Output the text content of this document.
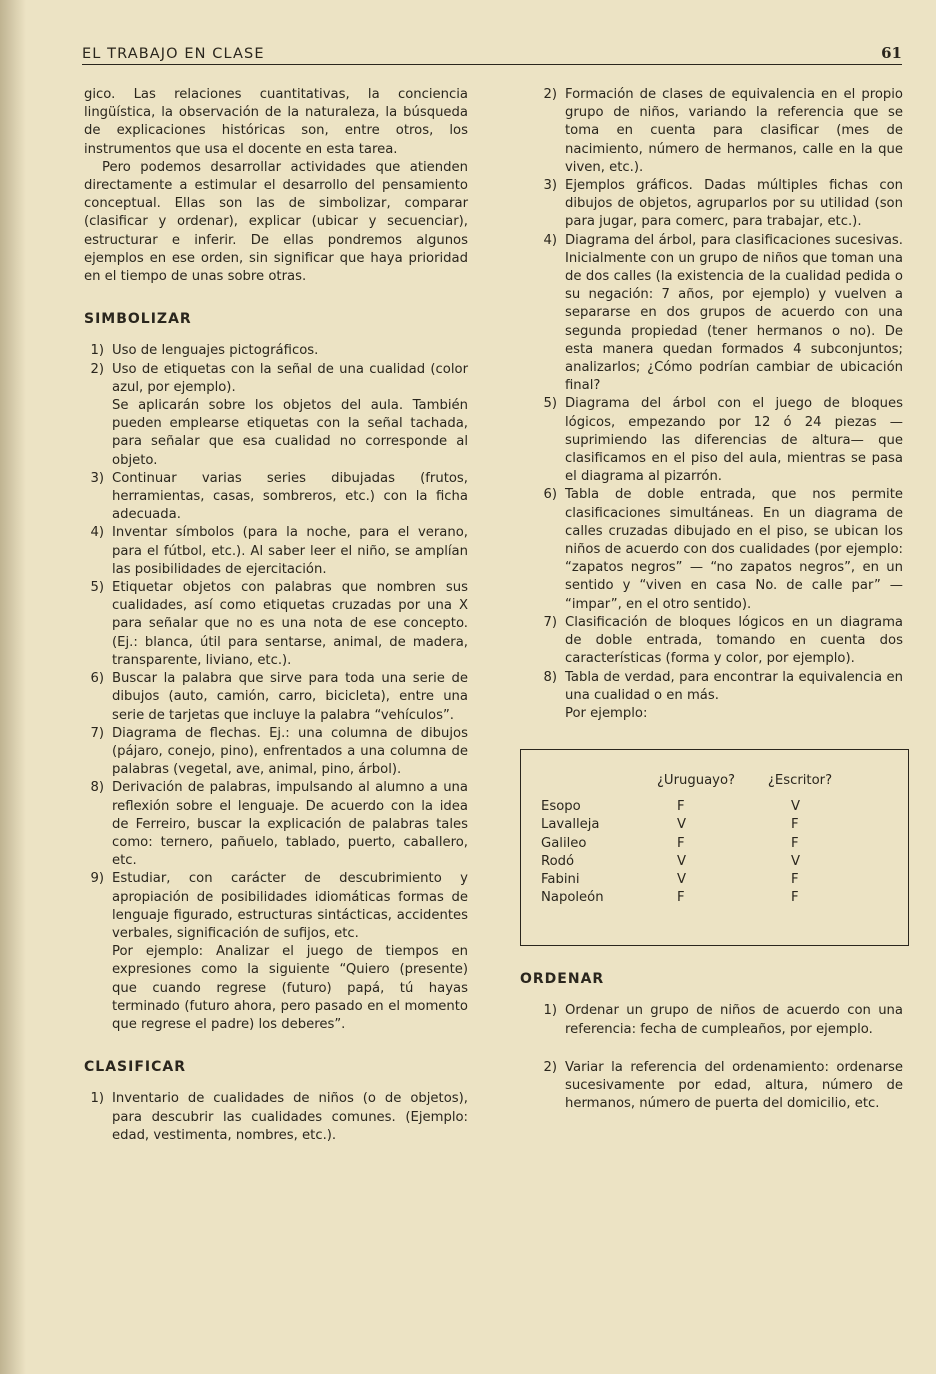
EL TRABAJO EN CLASE	61

gico. Las relaciones cuantitativas, la conciencia lingüística, la observación de la naturaleza, la búsqueda de explicaciones históricas son, entre otros, los instrumentos que usa el docente en esta tarea.

Pero podemos desarrollar actividades que atienden directamente a estimular el desarrollo del pensamiento conceptual. Ellas son las de simbolizar, comparar (clasificar y ordenar), explicar (ubicar y secuenciar), estructurar e inferir. De ellas pondremos algunos ejemplos en ese orden, sin significar que haya prioridad en el tiempo de unas sobre otras.

SIMBOLIZAR
1) Uso de lenguajes pictográficos.
2) Uso de etiquetas con la señal de una cualidad (color azul, por ejemplo).
Se aplicarán sobre los objetos del aula. También pueden emplearse etiquetas con la señal tachada, para señalar que esa cualidad no corresponde al objeto.
3) Continuar varias series dibujadas (frutos, herramientas, casas, sombreros, etc.) con la ficha adecuada.
4) Inventar símbolos (para la noche, para el verano, para el fútbol, etc.). Al saber leer el niño, se amplían las posibilidades de ejercitación.
5) Etiquetar objetos con palabras que nombren sus cualidades, así como etiquetas cruzadas por una X para señalar que no es una nota de ese concepto. (Ej.: blanca, útil para sentarse, animal, de madera, transparente, liviano, etc.).
6) Buscar la palabra que sirve para toda una serie de dibujos (auto, camión, carro, bicicleta), entre una serie de tarjetas que incluye la palabra “vehículos”.
7) Diagrama de flechas. Ej.: una columna de dibujos (pájaro, conejo, pino), enfrentados a una columna de palabras (vegetal, ave, animal, pino, árbol).
8) Derivación de palabras, impulsando al alumno a una reflexión sobre el lenguaje. De acuerdo con la idea de Ferreiro, buscar la explicación de palabras tales como: ternero, pañuelo, tablado, puerto, caballero, etc.
9) Estudiar, con carácter de descubrimiento y apropiación de posibilidades idiomáticas formas de lenguaje figurado, estructuras sintácticas, accidentes verbales, significación de sufijos, etc.
Por ejemplo: Analizar el juego de tiempos en expresiones como la siguiente “Quiero (presente) que cuando regrese (futuro) papá, tú hayas terminado (futuro ahora, pero pasado en el momento que regrese el padre) los deberes”.
CLASIFICAR
1) Inventario de cualidades de niños (o de objetos), para descubrir las cualidades comunes. (Ejemplo: edad, vestimenta, nombres, etc.).
2) Formación de clases de equivalencia en el propio grupo de niños, variando la referencia que se toma en cuenta para clasificar (mes de nacimiento, número de hermanos, calle en la que viven, etc.).
3) Ejemplos gráficos. Dadas múltiples fichas con dibujos de objetos, agruparlos por su utilidad (son para jugar, para comerc, para trabajar, etc.).
4) Diagrama del árbol, para clasificaciones sucesivas. Inicialmente con un grupo de niños que toman una de dos calles (la existencia de la cualidad pedida o su negación: 7 años, por ejemplo) y vuelven a separarse en dos grupos de acuerdo con una segunda propiedad (tener hermanos o no). De esta manera quedan formados 4 subconjuntos; analizarlos; ¿Cómo podrían cambiar de ubicación final?
5) Diagrama del árbol con el juego de bloques lógicos, empezando por 12 ó 24 piezas —suprimiendo las diferencias de altura— que clasificamos en el piso del aula, mientras se pasa el diagrama al pizarrón.
6) Tabla de doble entrada, que nos permite clasificaciones simultáneas. En un diagrama de calles cruzadas dibujado en el piso, se ubican los niños de acuerdo con dos cualidades (por ejemplo: “zapatos negros” — “no zapatos negros”, en un sentido y “viven en casa No. de calle par” — “impar”, en el otro sentido).
7) Clasificación de bloques lógicos en un diagrama de doble entrada, tomando en cuenta dos características (forma y color, por ejemplo).
8) Tabla de verdad, para encontrar la equivalencia en una cualidad o en más.
Por ejemplo:
	¿Uruguayo?	¿Escritor?
Esopo	F	V
Lavalleja	V	F
Galileo	F	F
Rodó	V	V
Fabini	V	F
Napoleón	F	F
ORDENAR
1) Ordenar un grupo de niños de acuerdo con una referencia: fecha de cumpleaños, por ejemplo.
2) Variar la referencia del ordenamiento: ordenarse sucesivamente por edad, altura, número de hermanos, número de puerta del domicilio, etc.
